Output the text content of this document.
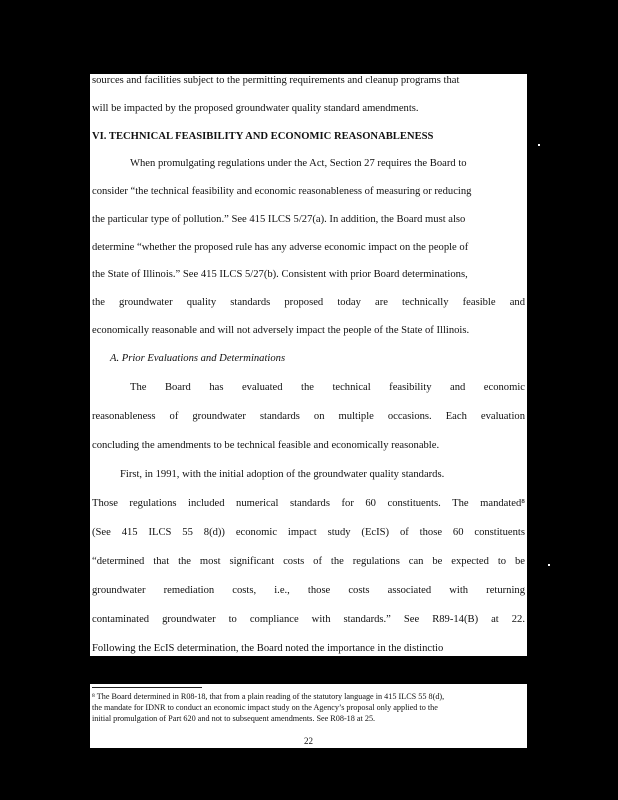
sources and facilities subject to the permitting requirements and cleanup programs that
will be impacted by the proposed groundwater quality standard amendments.
VI. TECHNICAL FEASIBILITY AND ECONOMIC REASONABLENESS
When promulgating regulations under the Act, Section 27 requires the Board to
consider “the technical feasibility and economic reasonableness of measuring or reducing
the particular type of pollution.” See 415 ILCS 5/27(a). In addition, the Board must also
determine “whether the proposed rule has any adverse economic impact on the people of
the State of Illinois.” See 415 ILCS 5/27(b). Consistent with prior Board determinations,
the groundwater quality standards proposed today are technically feasible and
economically reasonable and will not adversely impact the people of the State of Illinois.
A. Prior Evaluations and Determinations
The Board has evaluated the technical feasibility and economic
reasonableness of groundwater standards on multiple occasions. Each evaluation
concluding the amendments to be technical feasible and economically reasonable.
First, in 1991, with the initial adoption of the groundwater quality standards.
Those regulations included numerical standards for 60 constituents. The mandated⁸
(See 415 ILCS 55 8(d)) economic impact study (EcIS) of those 60 constituents
“determined that the most significant costs of the regulations can be expected to be
groundwater remediation costs, i.e., those costs associated with returning
contaminated groundwater to compliance with standards.” See R89-14(B) at 22.
Following the EcIS determination, the Board noted the importance in the distinctio
⁸ The Board determined in R08-18, that from a plain reading of the statutory language in 415 ILCS 55 8(d),
the mandate for IDNR to conduct an economic impact study on the Agency’s proposal only applied to the
initial promulgation of Part 620 and not to subsequent amendments. See R08-18 at 25.
22
